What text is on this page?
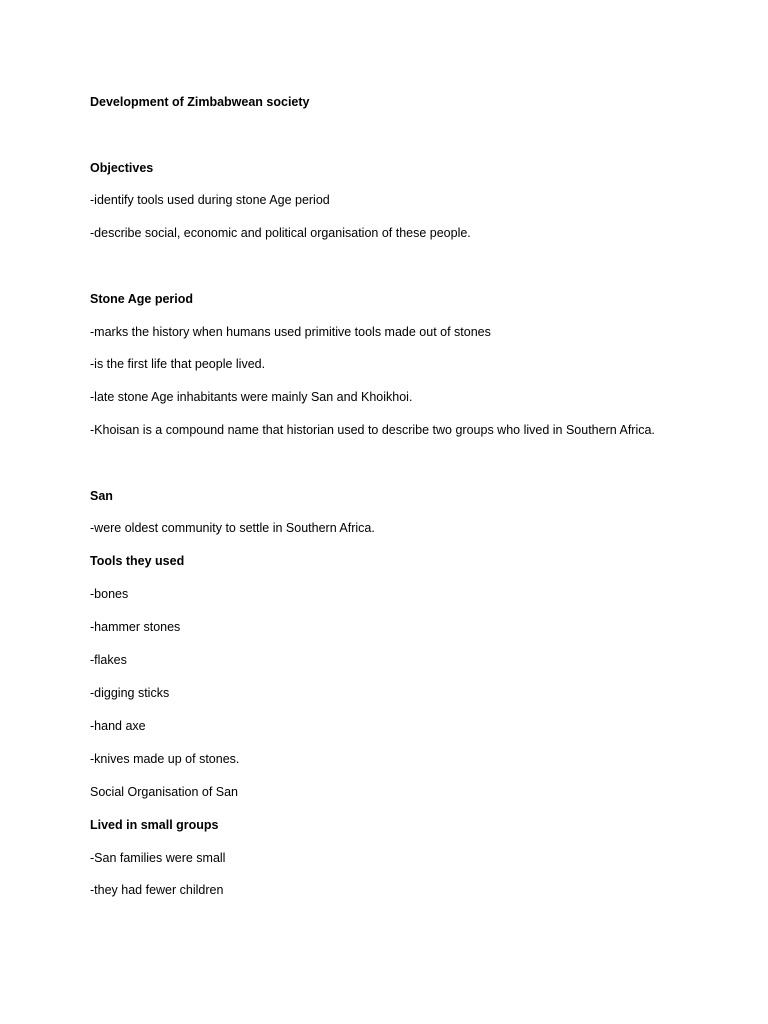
Development of Zimbabwean society
Objectives
-identify tools used during stone Age period
-describe social, economic and political organisation of these people.
Stone Age period
-marks the history when humans used primitive tools made out of stones
-is the first life that people lived.
-late stone Age inhabitants were mainly San and Khoikhoi.
-Khoisan is a compound name that historian used to describe two groups who lived in Southern Africa.
San
-were oldest community to settle in Southern Africa.
Tools they used
-bones
-hammer stones
-flakes
-digging sticks
-hand axe
-knives made up of stones.
Social Organisation of San
Lived in small groups
-San families were small
-they had fewer children
